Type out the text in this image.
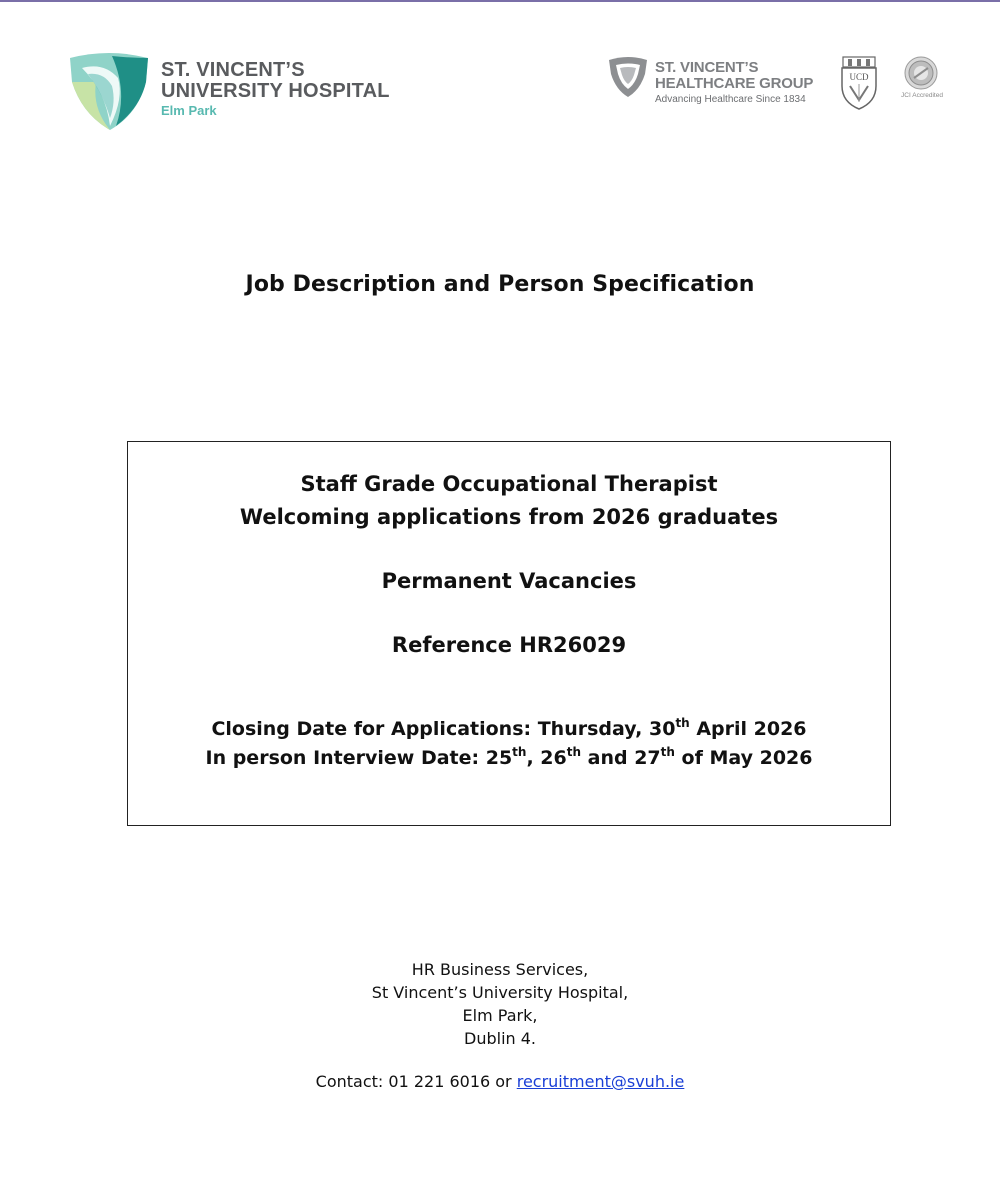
ST. VINCENT’S
UNIVERSITY HOSPITAL
Elm Park
ST. VINCENT’S
HEALTHCARE GROUP
Advancing Healthcare Since 1834
UCD
JCI Accredited
Job Description and Person Specification
Staff Grade Occupational Therapist
Welcoming applications from 2026 graduates
Permanent Vacancies
Reference HR26029
Closing Date for Applications: Thursday, 30th April 2026
In person Interview Date: 25th, 26th and 27th of May 2026
HR Business Services,
St Vincent’s University Hospital,
Elm Park,
Dublin 4.
Contact: 01 221 6016 or recruitment@svuh.ie
